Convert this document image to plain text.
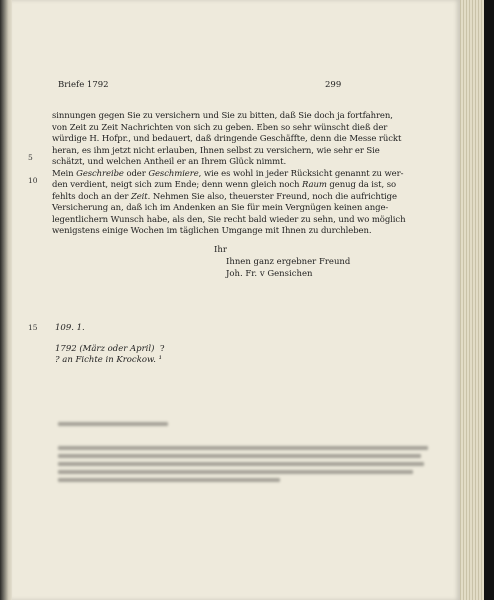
Briefe 1792	299
5
10
15
sinnungen gegen Sie zu versichern und Sie zu bitten, daß Sie doch ja fortfahren,
von Zeit zu Zeit Nachrichten von sich zu geben. Eben so sehr wünscht dieß der
würdige H. Hofpr., und bedauert, daß dringende Geschäffte, denn die Messe rückt
heran, es ihm jetzt nicht erlauben, Ihnen selbst zu versichern, wie sehr er Sie
schätzt, und welchen Antheil er an Ihrem Glück nimmt.
Mein Geschreibe oder Geschmiere, wie es wohl in jeder Rücksicht genannt zu wer-
den verdient, neigt sich zum Ende; denn wenn gleich noch Raum genug da ist, so
fehlts doch an der Zeit. Nehmen Sie also, theuerster Freund, noch die aufrichtige
Versicherung an, daß ich im Andenken an Sie für mein Vergnügen keinen ange-
legentlichern Wunsch habe, als den, Sie recht bald wieder zu sehn, und wo möglich
wenigstens einige Wochen im täglichen Umgange mit Ihnen zu durchleben.
Ihr
Ihnen ganz ergebner Freund
Joh. Fr. v Gensichen
109. 1.
1792 (März oder April) ?
? an Fichte in Krockow. ¹
